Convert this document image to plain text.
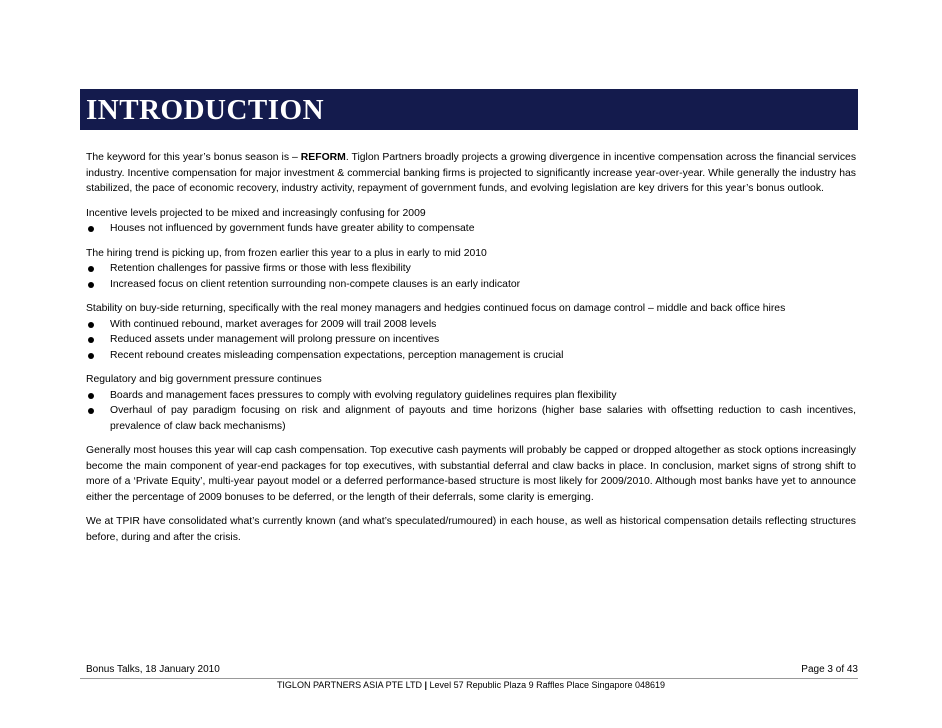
INTRODUCTION

The keyword for this year’s bonus season is – REFORM. Tiglon Partners broadly projects a growing divergence in incentive compensation across the financial services industry. Incentive compensation for major investment & commercial banking firms is projected to significantly increase year-over-year. While generally the industry has stabilized, the pace of economic recovery, industry activity, repayment of government funds, and evolving legislation are key drivers for this year’s bonus outlook.

Incentive levels projected to be mixed and increasingly confusing for 2009

Houses not influenced by government funds have greater ability to compensate

The hiring trend is picking up, from frozen earlier this year to a plus in early to mid 2010

Retention challenges for passive firms or those with less flexibility
Increased focus on client retention surrounding non-compete clauses is an early indicator

Stability on buy-side returning, specifically with the real money managers and hedgies continued focus on damage control – middle and back office hires

With continued rebound, market averages for 2009 will trail 2008 levels
Reduced assets under management will prolong pressure on incentives
Recent rebound creates misleading compensation expectations, perception management is crucial

Regulatory and big government pressure continues

Boards and management faces pressures to comply with evolving regulatory guidelines requires plan flexibility
Overhaul of pay paradigm focusing on risk and alignment of payouts and time horizons (higher base salaries with offsetting reduction to cash incentives, prevalence of claw back mechanisms)

Generally most houses this year will cap cash compensation. Top executive cash payments will probably be capped or dropped altogether as stock options increasingly become the main component of year-end packages for top executives, with substantial deferral and claw backs in place. In conclusion, market signs of strong shift to more of a ‘Private Equity’, multi-year payout model or a deferred performance-based structure is most likely for 2009/2010. Although most banks have yet to announce either the percentage of 2009 bonuses to be deferred, or the length of their deferrals, some clarity is emerging.

We at TPIR have consolidated what’s currently known (and what’s speculated/rumoured) in each house, as well as historical compensation details reflecting structures before, during and after the crisis.

Bonus Talks, 18 January 2010	Page 3 of 43
TIGLON PARTNERS ASIA PTE LTD | Level 57 Republic Plaza 9 Raffles Place Singapore 048619
